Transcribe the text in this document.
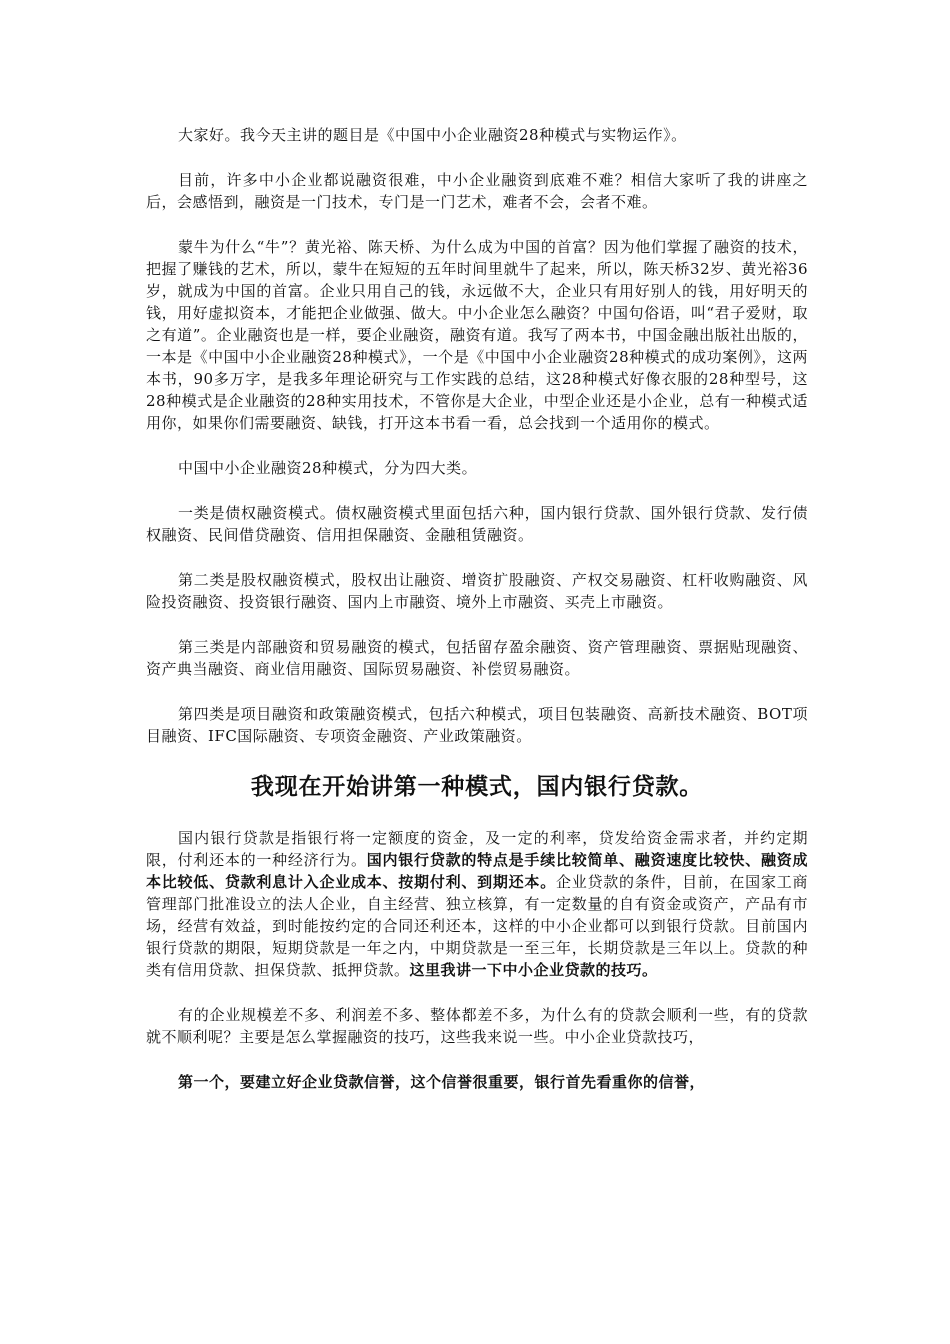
大家好。我今天主讲的题目是《中国中小企业融资28种模式与实物运作》。

目前，许多中小企业都说融资很难，中小企业融资到底难不难？相信大家听了我的讲座之后，会感悟到，融资是一门技术，专门是一门艺术，难者不会，会者不难。

蒙牛为什么“牛”？黄光裕、陈天桥、为什么成为中国的首富？因为他们掌握了融资的技术，把握了赚钱的艺术，所以，蒙牛在短短的五年时间里就牛了起来，所以，陈天桥32岁、黄光裕36岁，就成为中国的首富。企业只用自己的钱，永远做不大，企业只有用好别人的钱，用好明天的钱，用好虚拟资本，才能把企业做强、做大。中小企业怎么融资？中国句俗语，叫“君子爱财，取之有道”。企业融资也是一样，要企业融资，融资有道。我写了两本书，中国金融出版社出版的，一本是《中国中小企业融资28种模式》，一个是《中国中小企业融资28种模式的成功案例》，这两本书，90多万字，是我多年理论研究与工作实践的总结，这28种模式好像衣服的28种型号，这28种模式是企业融资的28种实用技术，不管你是大企业，中型企业还是小企业，总有一种模式适用你，如果你们需要融资、缺钱，打开这本书看一看，总会找到一个适用你的模式。

中国中小企业融资28种模式，分为四大类。

一类是债权融资模式。债权融资模式里面包括六种，国内银行贷款、国外银行贷款、发行债权融资、民间借贷融资、信用担保融资、金融租赁融资。

第二类是股权融资模式，股权出让融资、增资扩股融资、产权交易融资、杠杆收购融资、风险投资融资、投资银行融资、国内上市融资、境外上市融资、买壳上市融资。

第三类是内部融资和贸易融资的模式，包括留存盈余融资、资产管理融资、票据贴现融资、资产典当融资、商业信用融资、国际贸易融资、补偿贸易融资。

第四类是项目融资和政策融资模式，包括六种模式，项目包装融资、高新技术融资、BOT项目融资、IFC国际融资、专项资金融资、产业政策融资。

我现在开始讲第一种模式，国内银行贷款。

国内银行贷款是指银行将一定额度的资金，及一定的利率，贷发给资金需求者，并约定期限，付利还本的一种经济行为。国内银行贷款的特点是手续比较简单、融资速度比较快、融资成本比较低、贷款利息计入企业成本、按期付利、到期还本。企业贷款的条件，目前，在国家工商管理部门批准设立的法人企业，自主经营、独立核算，有一定数量的自有资金或资产，产品有市场，经营有效益，到时能按约定的合同还利还本，这样的中小企业都可以到银行贷款。目前国内银行贷款的期限，短期贷款是一年之内，中期贷款是一至三年，长期贷款是三年以上。贷款的种类有信用贷款、担保贷款、抵押贷款。这里我讲一下中小企业贷款的技巧。

有的企业规模差不多、利润差不多、整体都差不多，为什么有的贷款会顺利一些，有的贷款就不顺利呢？主要是怎么掌握融资的技巧，这些我来说一些。中小企业贷款技巧，

第一个，要建立好企业贷款信誉，这个信誉很重要，银行首先看重你的信誉，
